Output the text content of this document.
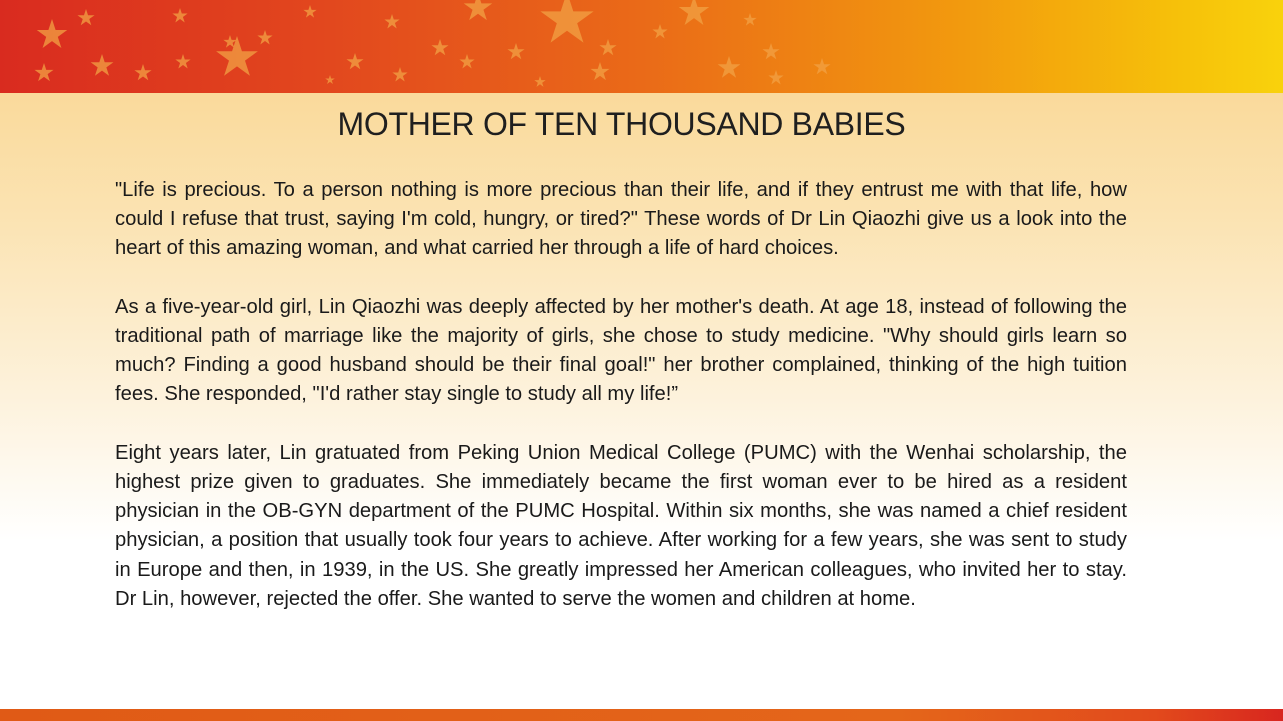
MOTHER OF TEN THOUSAND BABIES

"Life is precious. To a person nothing is more precious than their life, and if they entrust me with that life, how could I refuse that trust, saying I'm cold, hungry, or tired?" These words of Dr Lin Qiaozhi give us a look into the heart of this amazing woman, and what carried her through a life of hard choices.

As a five-year-old girl, Lin Qiaozhi was deeply affected by her mother's death. At age 18, instead of following the traditional path of marriage like the majority of girls, she chose to study medicine. "Why should girls learn so much? Finding a good husband should be their final goal!" her brother complained, thinking of the high tuition fees. She responded, "I'd rather stay single to study all my life!”

Eight years later, Lin gratuated from Peking Union Medical College (PUMC) with the Wenhai scholarship, the highest prize given to graduates. She immediately became the first woman ever to be hired as a resident physician in the OB-GYN department of the PUMC Hospital. Within six months, she was named a chief resident physician, a position that usually took four years to achieve. After working for a few years, she was sent to study in Europe and then, in 1939, in the US. She greatly impressed her American colleagues, who invited her to stay. Dr Lin, however, rejected the offer. She wanted to serve the women and children at home.
